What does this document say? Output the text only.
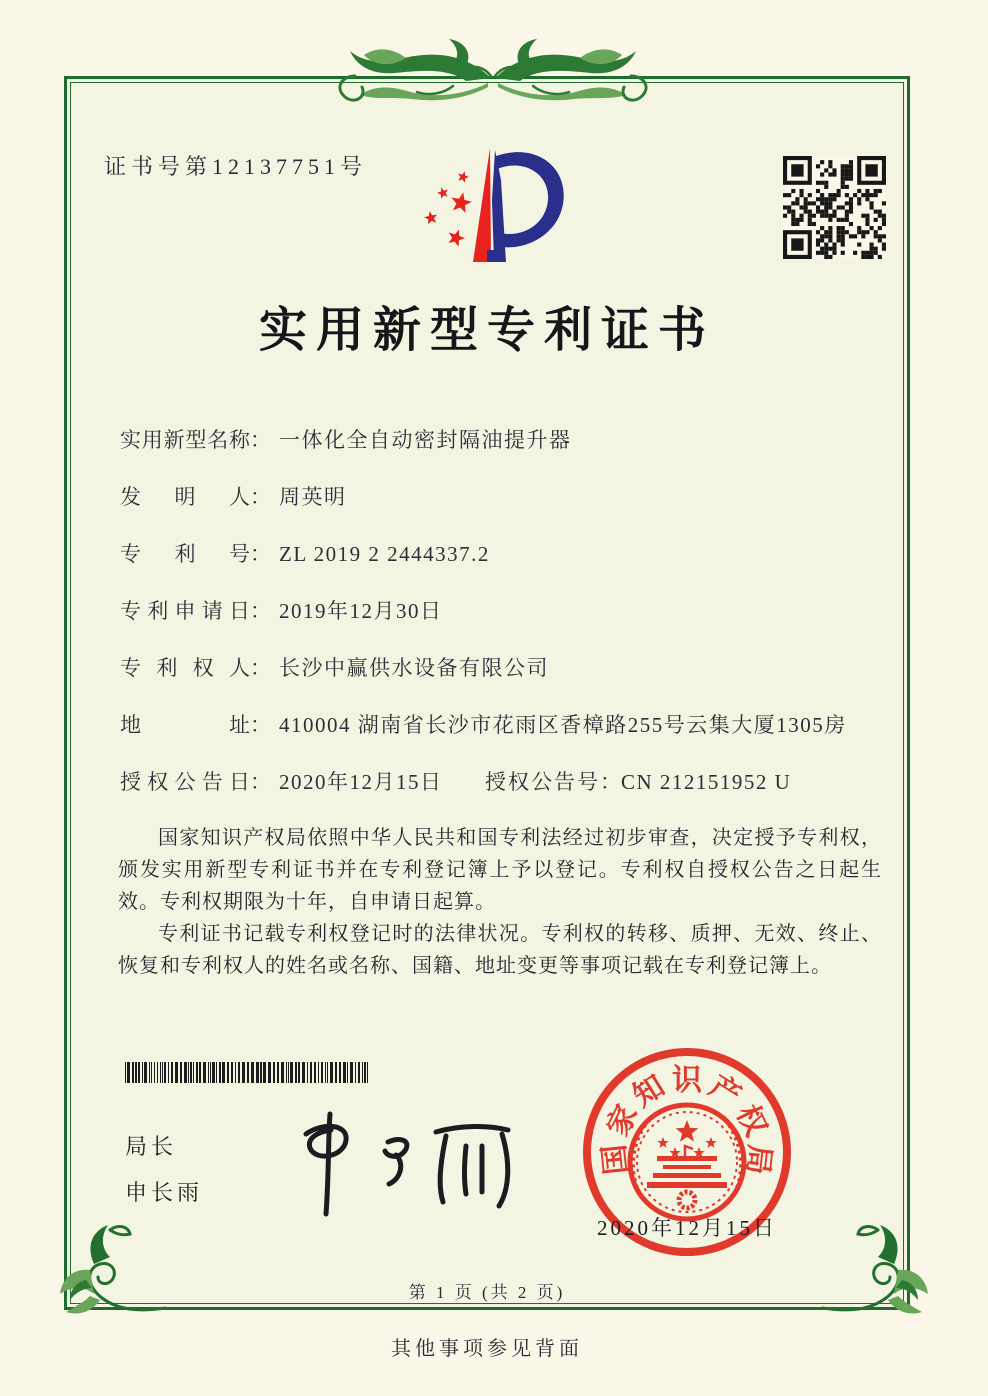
证书号第12137751号
实用新型专利证书
实用新型名称： 一体化全自动密封隔油提升器
发明人： 周英明
专利号： ZL 2019 2 2444337.2
专利申请日： 2019年12月30日
专利权人： 长沙中赢供水设备有限公司
地址： 410004 湖南省长沙市花雨区香樟路255号云集大厦1305房
授权公告日： 2020年12月15日 授权公告号：CN 212151952 U

国家知识产权局依照中华人民共和国专利法经过初步审查，决定授予专利权，颁发实用新型专利证书并在专利登记簿上予以登记。专利权自授权公告之日起生效。专利权期限为十年，自申请日起算。

专利证书记载专利权登记时的法律状况。专利权的转移、质押、无效、终止、恢复和专利权人的姓名或名称、国籍、地址变更等事项记载在专利登记簿上。

局长
申长雨
国
家
知 识 产
权
局
2020年12月15日
第 1 页 (共 2 页)
其他事项参见背面
